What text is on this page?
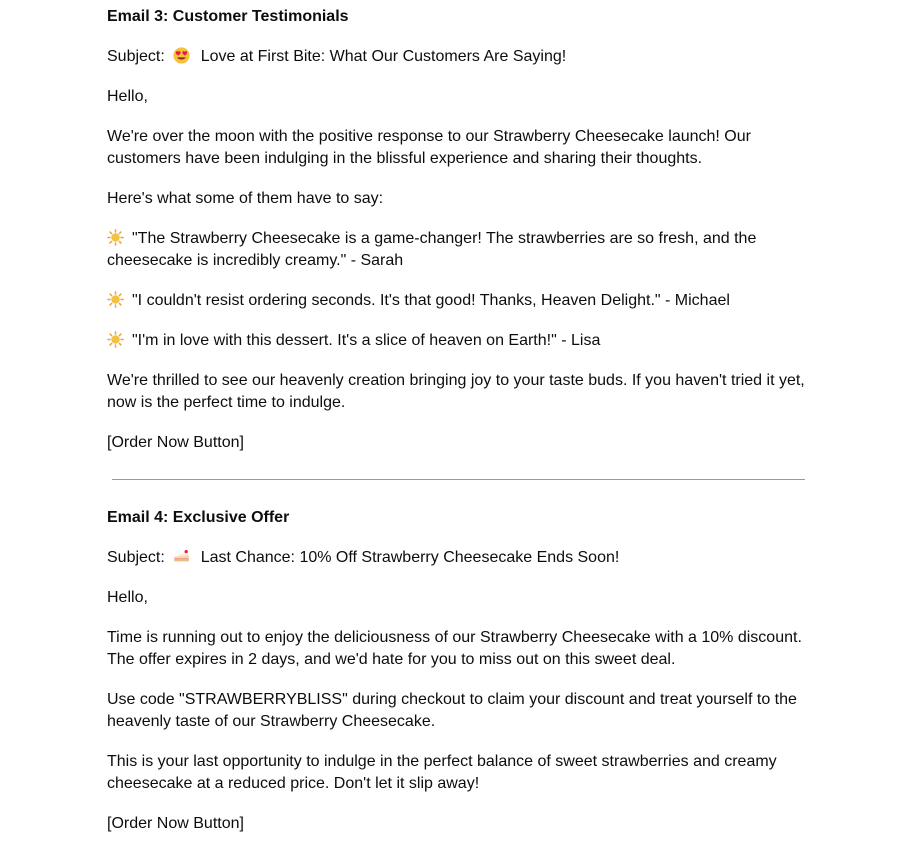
Email 3: Customer Testimonials

Subject: Love at First Bite: What Our Customers Are Saying!

Hello,

We're over the moon with the positive response to our Strawberry Cheesecake launch! Our customers have been indulging in the blissful experience and sharing their thoughts.

Here's what some of them have to say:

"The Strawberry Cheesecake is a game-changer! The strawberries are so fresh, and the cheesecake is incredibly creamy." - Sarah

"I couldn't resist ordering seconds. It's that good! Thanks, Heaven Delight." - Michael

"I'm in love with this dessert. It's a slice of heaven on Earth!" - Lisa

We're thrilled to see our heavenly creation bringing joy to your taste buds. If you haven't tried it yet, now is the perfect time to indulge.

[Order Now Button]

Email 4: Exclusive Offer

Subject: Last Chance: 10% Off Strawberry Cheesecake Ends Soon!

Hello,

Time is running out to enjoy the deliciousness of our Strawberry Cheesecake with a 10% discount. The offer expires in 2 days, and we'd hate for you to miss out on this sweet deal.

Use code "STRAWBERRYBLISS" during checkout to claim your discount and treat yourself to the heavenly taste of our Strawberry Cheesecake.

This is your last opportunity to indulge in the perfect balance of sweet strawberries and creamy cheesecake at a reduced price. Don't let it slip away!

[Order Now Button]
